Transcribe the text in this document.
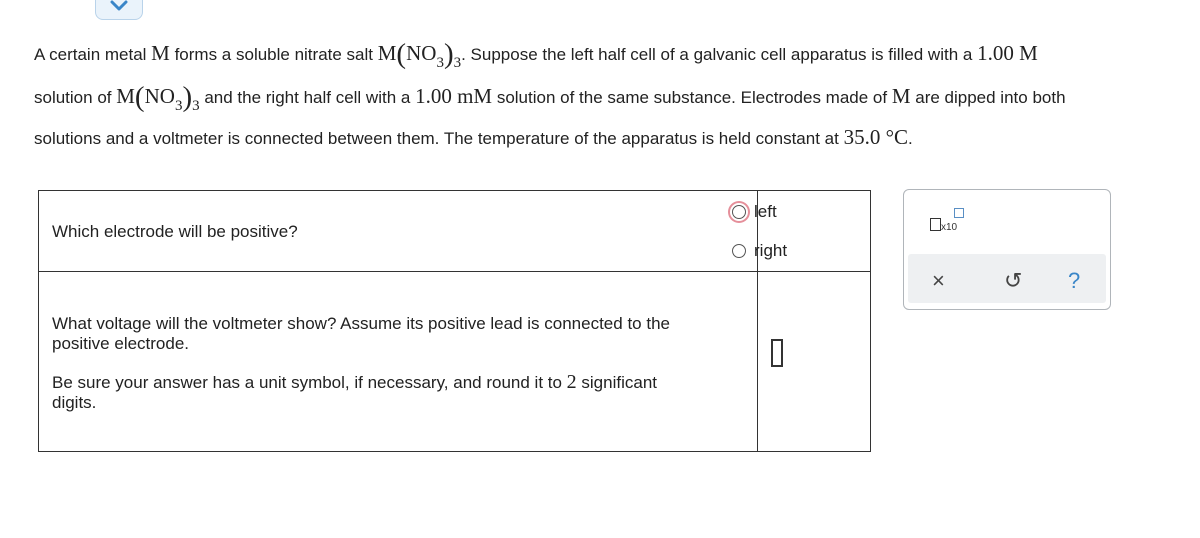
A certain metal M forms a soluble nitrate salt $M(NO_3)_3$. Suppose the left half cell of a galvanic cell apparatus is filled with a 1.00 M
solution of $M(NO_3)_3$ and the right half cell with a 1.00 mM solution of the same substance. Electrodes made of M are dipped into both
solutions and a voltmeter is connected between them. The temperature of the apparatus is held constant at 35.0 °C.
Which electrode will be positive?
What voltage will the voltmeter show? Assume its positive lead is connected to the
positive electrode.
Be sure your answer has a unit symbol, if necessary, and round it to 2 significant
digits.
left
right
x10
×	↺ ?
